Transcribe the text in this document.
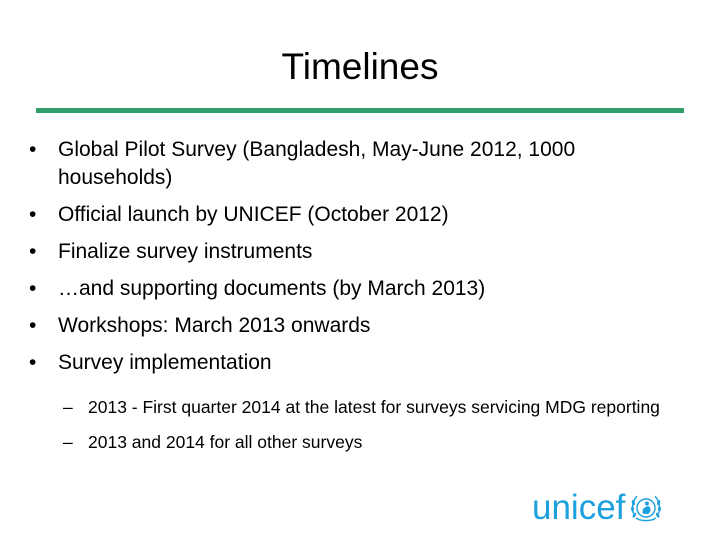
Timelines
• Global Pilot Survey (Bangladesh, May-June 2012, 1000 households)
• Official launch by UNICEF (October 2012)
• Finalize survey instruments
• …and supporting documents (by March 2013)
• Workshops: March 2013 onwards
• Survey implementation
– 2013 - First quarter 2014 at the latest for surveys servicing MDG reporting
– 2013 and 2014 for all other surveys
unicef
